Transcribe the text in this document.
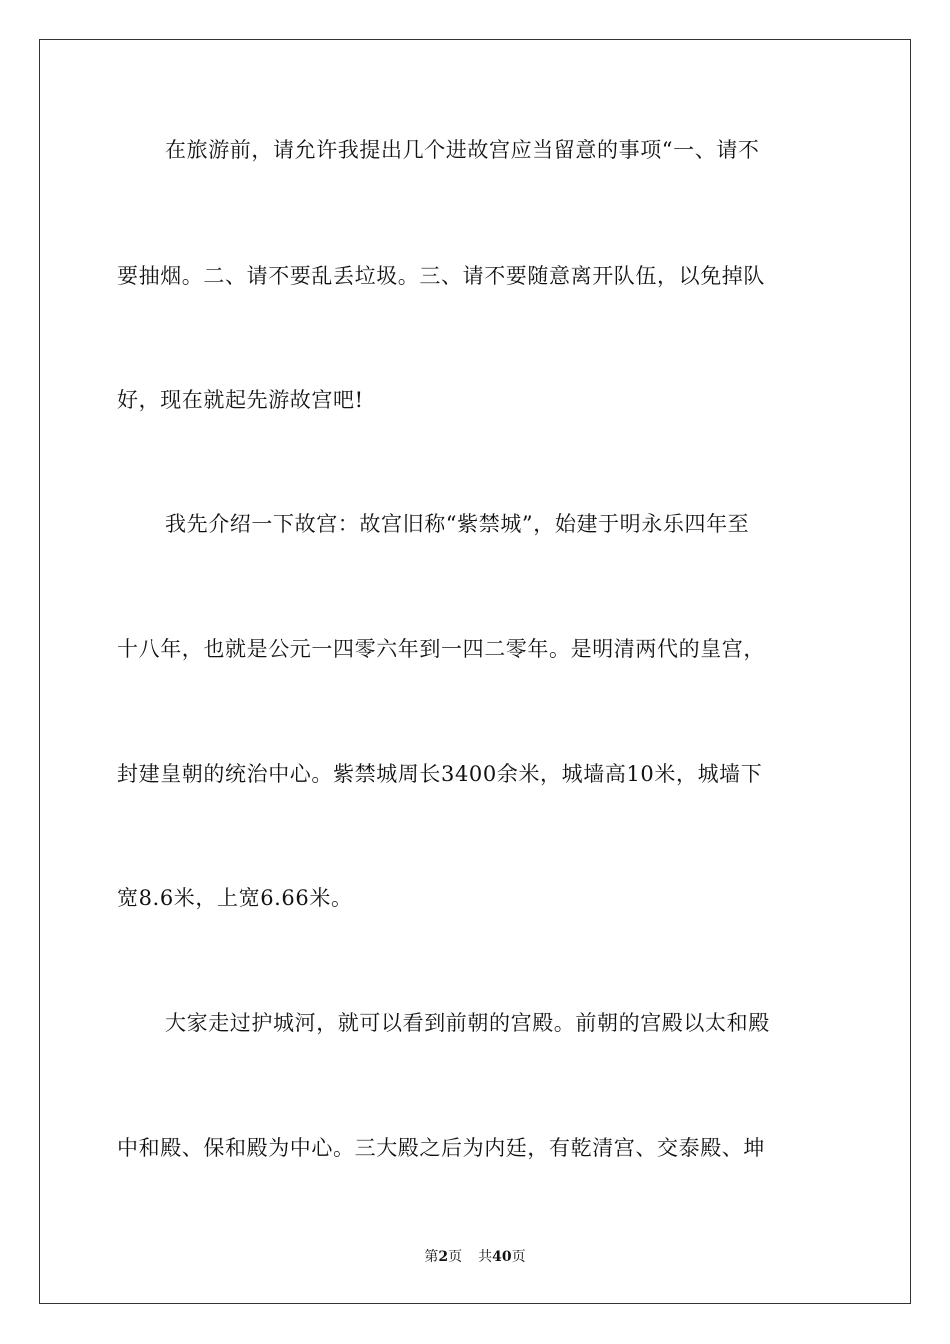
在旅游前，请允许我提出几个进故宫应当留意的事项“一、请不
要抽烟。二、请不要乱丢垃圾。三、请不要随意离开队伍，以免掉队
好，现在就起先游故宫吧!
我先介绍一下故宫：故宫旧称“紫禁城”，始建于明永乐四年至
十八年，也就是公元一四零六年到一四二零年。是明清两代的皇宫，
封建皇朝的统治中心。紫禁城周长3400余米，城墙高10米，城墙下
宽8.6米，上宽6.66米。
大家走过护城河，就可以看到前朝的宫殿。前朝的宫殿以太和殿
中和殿、保和殿为中心。三大殿之后为内廷，有乾清宫、交泰殿、坤
第2页 共40页
